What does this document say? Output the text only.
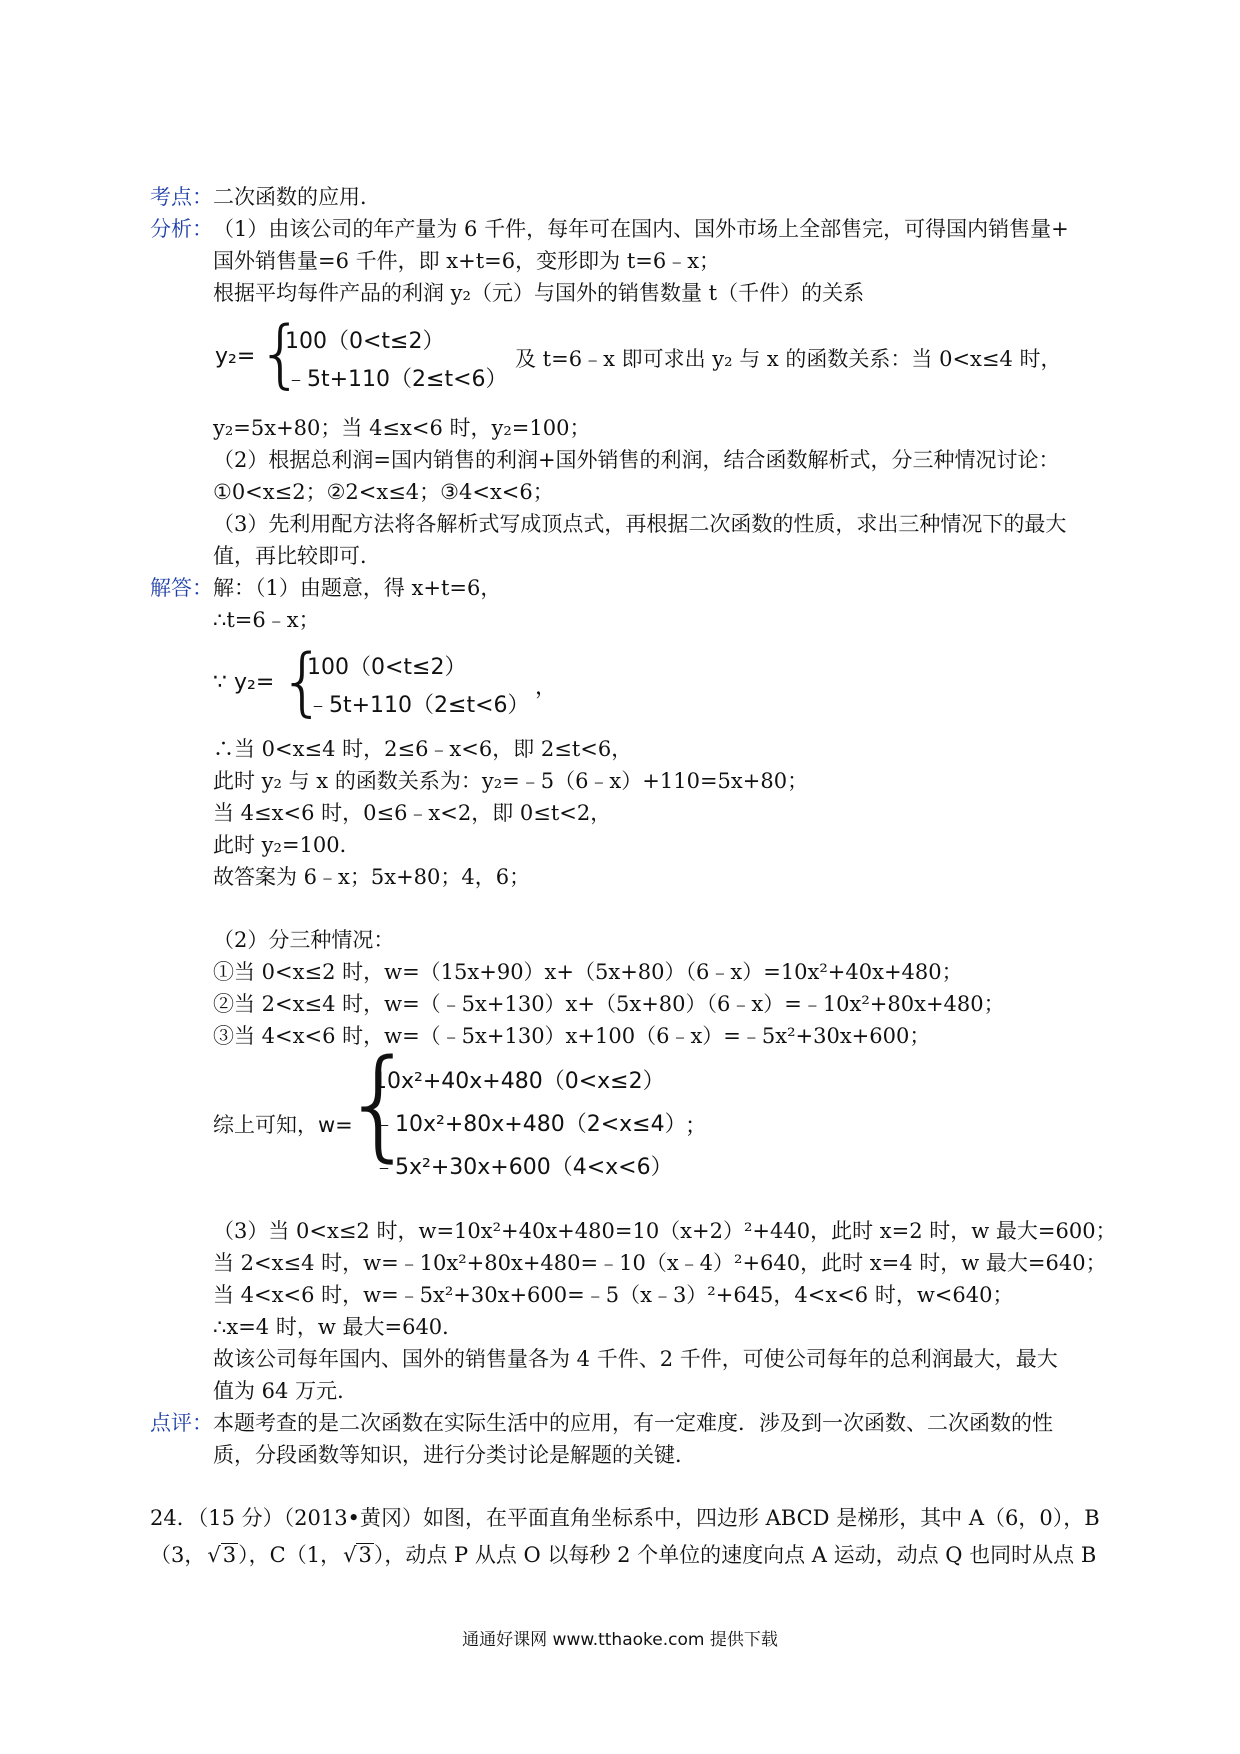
考点： 二次函数的应用．
分析： （1）由该公司的年产量为 6 千件，每年可在国内、国外市场上全部售完，可得国内销售量+
国外销售量=6 千件，即 x+t=6，变形即为 t=6﹣x；
根据平均每件产品的利润 y₂（元）与国外的销售数量 t（千件）的关系
y₂= {
100（0<t≤2）
﹣5t+110（2≤t<6）
及 t=6﹣x 即可求出 y₂ 与 x 的函数关系：当 0<x≤4 时，
y₂=5x+80；当 4≤x<6 时，y₂=100；
（2）根据总利润=国内销售的利润+国外销售的利润，结合函数解析式，分三种情况讨论：
①0<x≤2；②2<x≤4；③4<x<6；
（3）先利用配方法将各解析式写成顶点式，再根据二次函数的性质，求出三种情况下的最大
值，再比较即可．
解答： 解：（1）由题意，得 x+t=6，
∴t=6﹣x；
∵ y₂= {
100（0<t≤2）
﹣5t+110（2≤t<6）
，
∴当 0<x≤4 时，2≤6﹣x<6，即 2≤t<6，
此时 y₂ 与 x 的函数关系为：y₂=﹣5（6﹣x）+110=5x+80；
当 4≤x<6 时，0≤6﹣x<2，即 0≤t<2，
此时 y₂=100．
故答案为 6﹣x；5x+80；4，6；
（2）分三种情况：
①当 0<x≤2 时，w=（15x+90）x+（5x+80）（6﹣x）=10x²+40x+480；
②当 2<x≤4 时，w=（﹣5x+130）x+（5x+80）（6﹣x）=﹣10x²+80x+480；
③当 4<x<6 时，w=（﹣5x+130）x+100（6﹣x）=﹣5x²+30x+600；
综上可知，w=
{
10x²+40x+480（0<x≤2）
﹣10x²+80x+480（2<x≤4）
﹣5x²+30x+600（4<x<6）
；
（3）当 0<x≤2 时，w=10x²+40x+480=10（x+2）²+440，此时 x=2 时，w 最大=600；
当 2<x≤4 时，w=﹣10x²+80x+480=﹣10（x﹣4）²+640，此时 x=4 时，w 最大=640；
当 4<x<6 时，w=﹣5x²+30x+600=﹣5（x﹣3）²+645，4<x<6 时，w<640；
∴x=4 时，w 最大=640．
故该公司每年国内、国外的销售量各为 4 千件、2 千件，可使公司每年的总利润最大，最大
值为 64 万元．
点评： 本题考查的是二次函数在实际生活中的应用，有一定难度．涉及到一次函数、二次函数的性
质，分段函数等知识，进行分类讨论是解题的关键．
24．（15 分）（2013•黄冈）如图，在平面直角坐标系中，四边形 ABCD 是梯形，其中 A（6，0），B
（3，√3），C（1，√3），动点 P 从点 O 以每秒 2 个单位的速度向点 A 运动，动点 Q 也同时从点 B
通通好课网 www.tthaoke.com 提供下载
